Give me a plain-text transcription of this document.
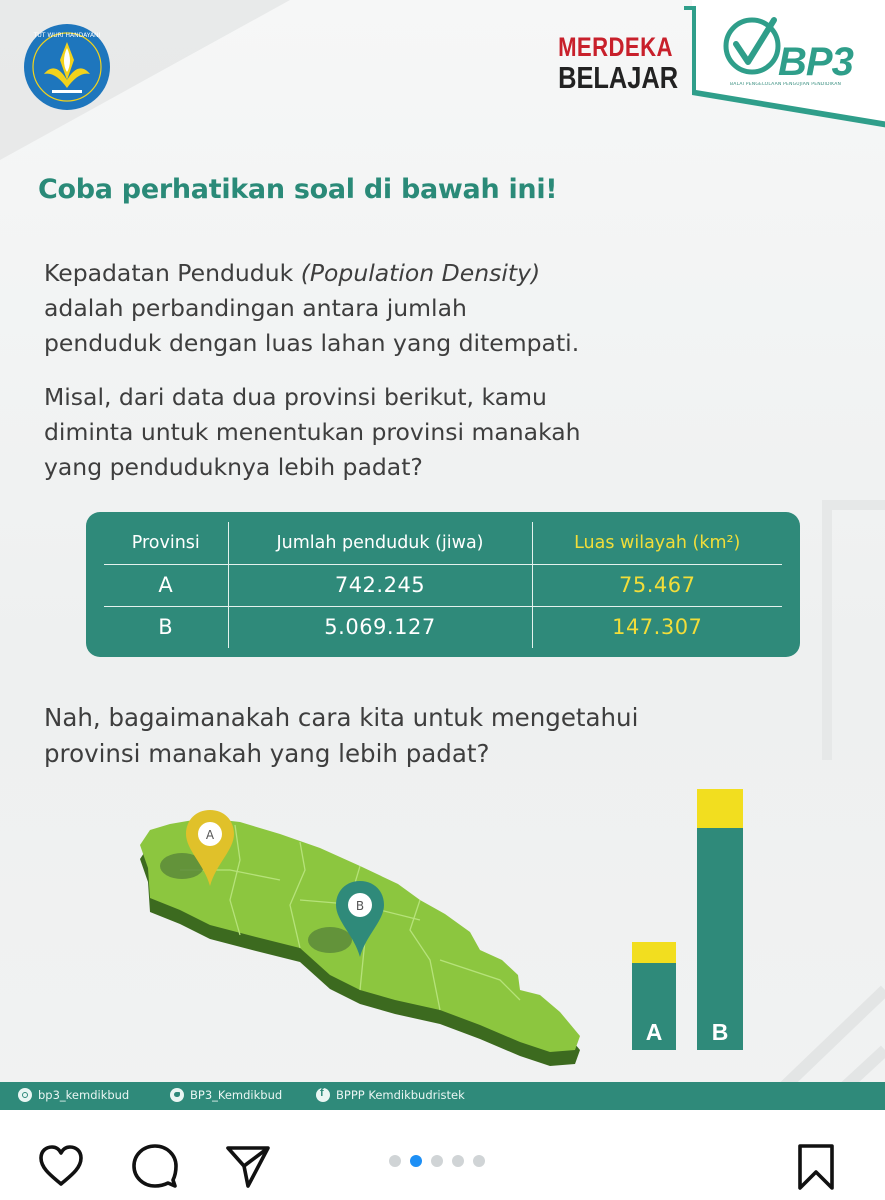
TUT WURI HANDAYANI	MERDEKA
BELAJAR BP3
BALAI PENGELOLAAN PENGUJIAN PENDIDIKAN
Coba perhatikan soal di bawah ini!
Kepadatan Penduduk (Population Density)
adalah perbandingan antara jumlah
penduduk dengan luas lahan yang ditempati.
Misal, dari data dua provinsi berikut, kamu
diminta untuk menentukan provinsi manakah
yang penduduknya lebih padat?
Provinsi	Jumlah penduduk (jiwa)	Luas wilayah (km²)
A	742.245	75.467
B	5.069.127	147.307
Nah, bagaimanakah cara kita untuk mengetahui
provinsi manakah yang lebih padat?
A
B
A	B
bp3_kemdikbud	BP3_Kemdikbud f	BPPP Kemdikbudristek
